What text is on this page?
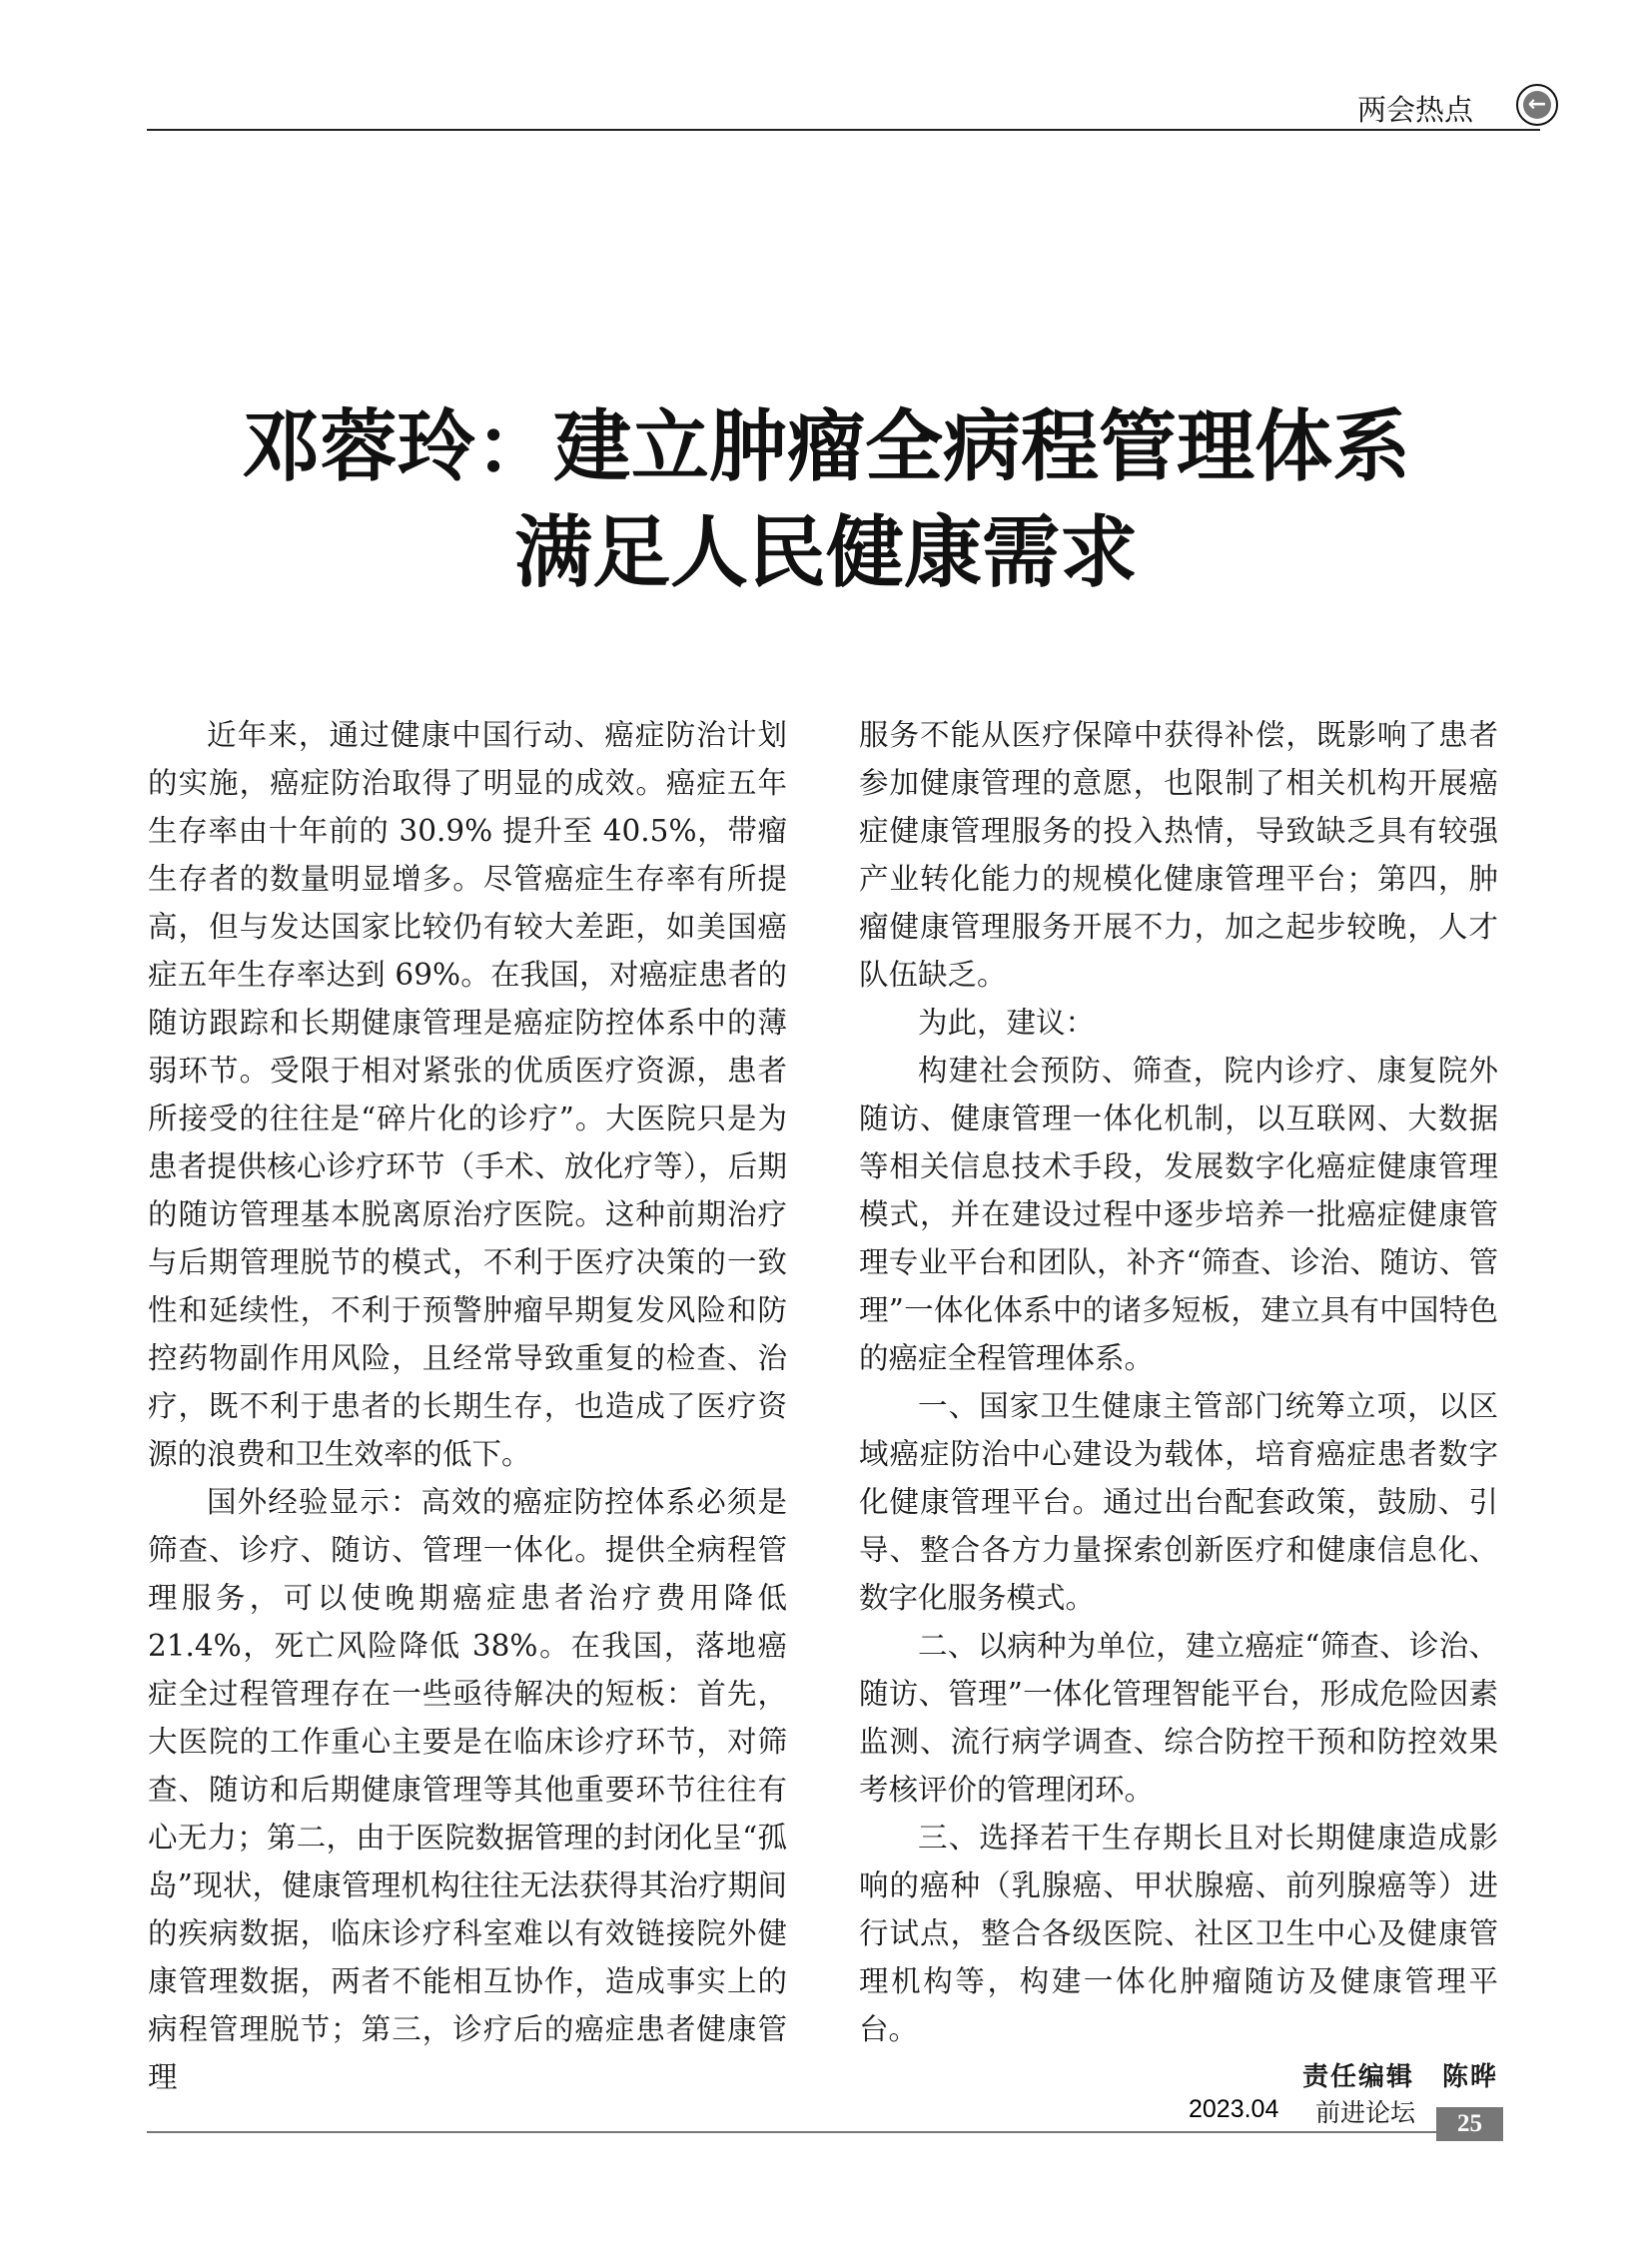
两会热点 ←
邓蓉玲：建立肿瘤全病程管理体系
满足人民健康需求

近年来，通过健康中国行动、癌症防治计划的实施，癌症防治取得了明显的成效。癌症五年生存率由十年前的 30.9% 提升至 40.5%，带瘤生存者的数量明显增多。尽管癌症生存率有所提高，但与发达国家比较仍有较大差距，如美国癌症五年生存率达到 69%。在我国，对癌症患者的随访跟踪和长期健康管理是癌症防控体系中的薄弱环节。受限于相对紧张的优质医疗资源，患者所接受的往往是“碎片化的诊疗”。大医院只是为患者提供核心诊疗环节（手术、放化疗等），后期的随访管理基本脱离原治疗医院。这种前期治疗与后期管理脱节的模式，不利于医疗决策的一致性和延续性，不利于预警肿瘤早期复发风险和防控药物副作用风险，且经常导致重复的检查、治疗，既不利于患者的长期生存，也造成了医疗资源的浪费和卫生效率的低下。

国外经验显示：高效的癌症防控体系必须是筛查、诊疗、随访、管理一体化。提供全病程管理服务，可以使晚期癌症患者治疗费用降低 21.4%，死亡风险降低 38%。在我国，落地癌症全过程管理存在一些亟待解决的短板：首先，大医院的工作重心主要是在临床诊疗环节，对筛查、随访和后期健康管理等其他重要环节往往有心无力；第二，由于医院数据管理的封闭化呈“孤岛”现状，健康管理机构往往无法获得其治疗期间的疾病数据，临床诊疗科室难以有效链接院外健康管理数据，两者不能相互协作，造成事实上的病程管理脱节；第三，诊疗后的癌症患者健康管理

服务不能从医疗保障中获得补偿，既影响了患者参加健康管理的意愿，也限制了相关机构开展癌症健康管理服务的投入热情，导致缺乏具有较强产业转化能力的规模化健康管理平台；第四，肿瘤健康管理服务开展不力，加之起步较晚，人才队伍缺乏。

为此，建议：

构建社会预防、筛查，院内诊疗、康复院外随访、健康管理一体化机制，以互联网、大数据等相关信息技术手段，发展数字化癌症健康管理模式，并在建设过程中逐步培养一批癌症健康管理专业平台和团队，补齐“筛查、诊治、随访、管理”一体化体系中的诸多短板，建立具有中国特色的癌症全程管理体系。

一、国家卫生健康主管部门统筹立项，以区域癌症防治中心建设为载体，培育癌症患者数字化健康管理平台。通过出台配套政策，鼓励、引导、整合各方力量探索创新医疗和健康信息化、数字化服务模式。

二、以病种为单位，建立癌症“筛查、诊治、随访、管理”一体化管理智能平台，形成危险因素监测、流行病学调查、综合防控干预和防控效果考核评价的管理闭环。

三、选择若干生存期长且对长期健康造成影响的癌种（乳腺癌、甲状腺癌、前列腺癌等）进行试点，整合各级医院、社区卫生中心及健康管理机构等，构建一体化肿瘤随访及健康管理平台。

责任编辑　陈晔
2023.04 前进论坛	25
